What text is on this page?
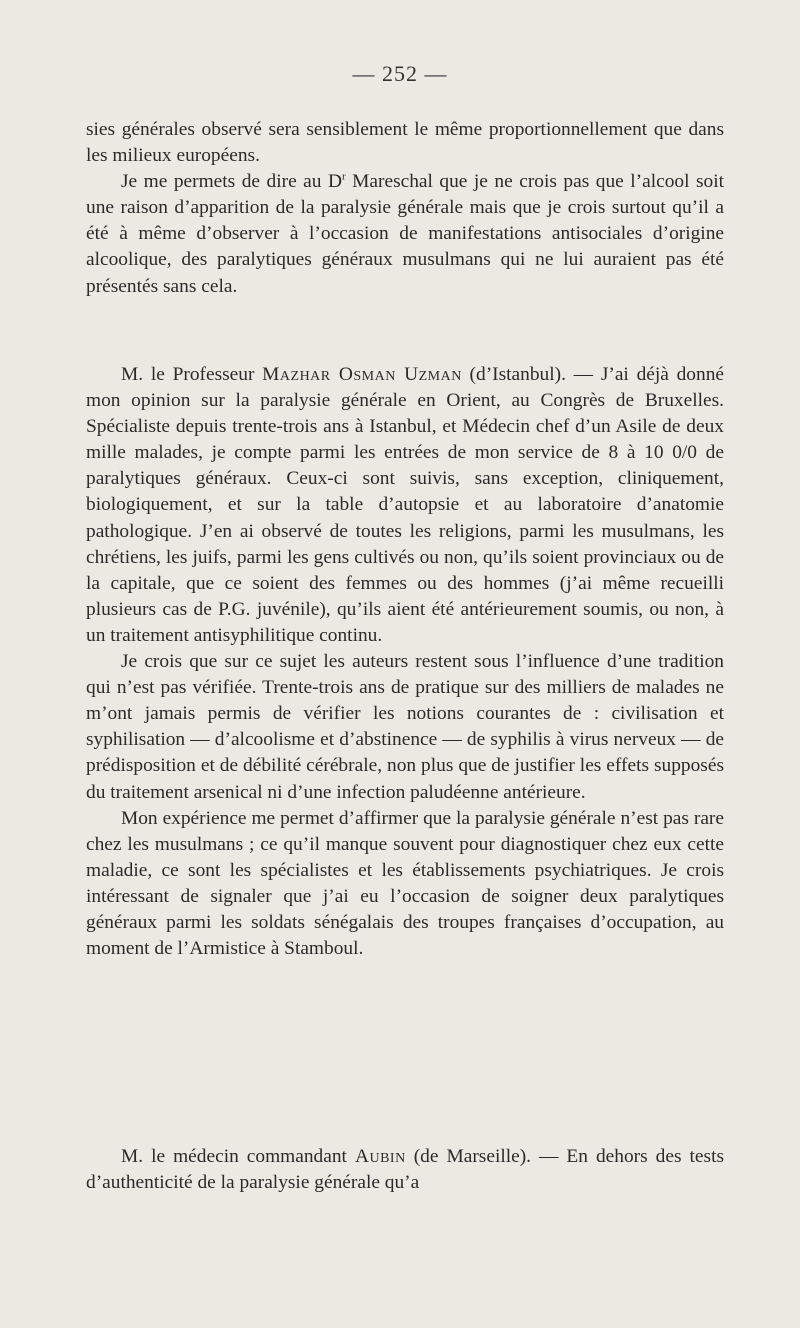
— 252 —

sies générales observé sera sensiblement le même proportionnellement que dans les milieux européens.

Je me permets de dire au $D^r$ Mareschal que je ne crois pas que l’alcool soit une raison d’apparition de la paralysie générale mais que je crois surtout qu’il a été à même d’observer à l’occasion de manifestations antisociales d’origine alcoolique, des paralytiques généraux musulmans qui ne lui auraient pas été présentés sans cela.

M. le Professeur Mazhar Osman Uzman (d’Istanbul). — J’ai déjà donné mon opinion sur la paralysie générale en Orient, au Congrès de Bruxelles. Spécialiste depuis trente-trois ans à Istanbul, et Médecin chef d’un Asile de deux mille malades, je compte parmi les entrées de mon service de 8 à 10 0/0 de paralytiques généraux. Ceux-ci sont suivis, sans exception, cliniquement, biologiquement, et sur la table d’autopsie et au laboratoire d’anatomie pathologique. J’en ai observé de toutes les religions, parmi les musulmans, les chrétiens, les juifs, parmi les gens cultivés ou non, qu’ils soient provinciaux ou de la capitale, que ce soient des femmes ou des hommes (j’ai même recueilli plusieurs cas de P.G. juvénile), qu’ils aient été antérieurement soumis, ou non, à un traitement antisyphilitique continu.

Je crois que sur ce sujet les auteurs restent sous l’influence d’une tradition qui n’est pas vérifiée. Trente-trois ans de pratique sur des milliers de malades ne m’ont jamais permis de vérifier les notions courantes de : civilisation et syphilisation — d’alcoolisme et d’abstinence — de syphilis à virus nerveux — de prédisposition et de débilité cérébrale, non plus que de justifier les effets supposés du traitement arsenical ni d’une infection paludéenne antérieure.

Mon expérience me permet d’affirmer que la paralysie générale n’est pas rare chez les musulmans ; ce qu’il manque souvent pour diagnostiquer chez eux cette maladie, ce sont les spécialistes et les établissements psychiatriques. Je crois intéressant de signaler que j’ai eu l’occasion de soigner deux paralytiques généraux parmi les soldats sénégalais des troupes françaises d’occupation, au moment de l’Armistice à Stamboul.

M. le médecin commandant Aubin (de Marseille). — En dehors des tests d’authenticité de la paralysie générale qu’a
